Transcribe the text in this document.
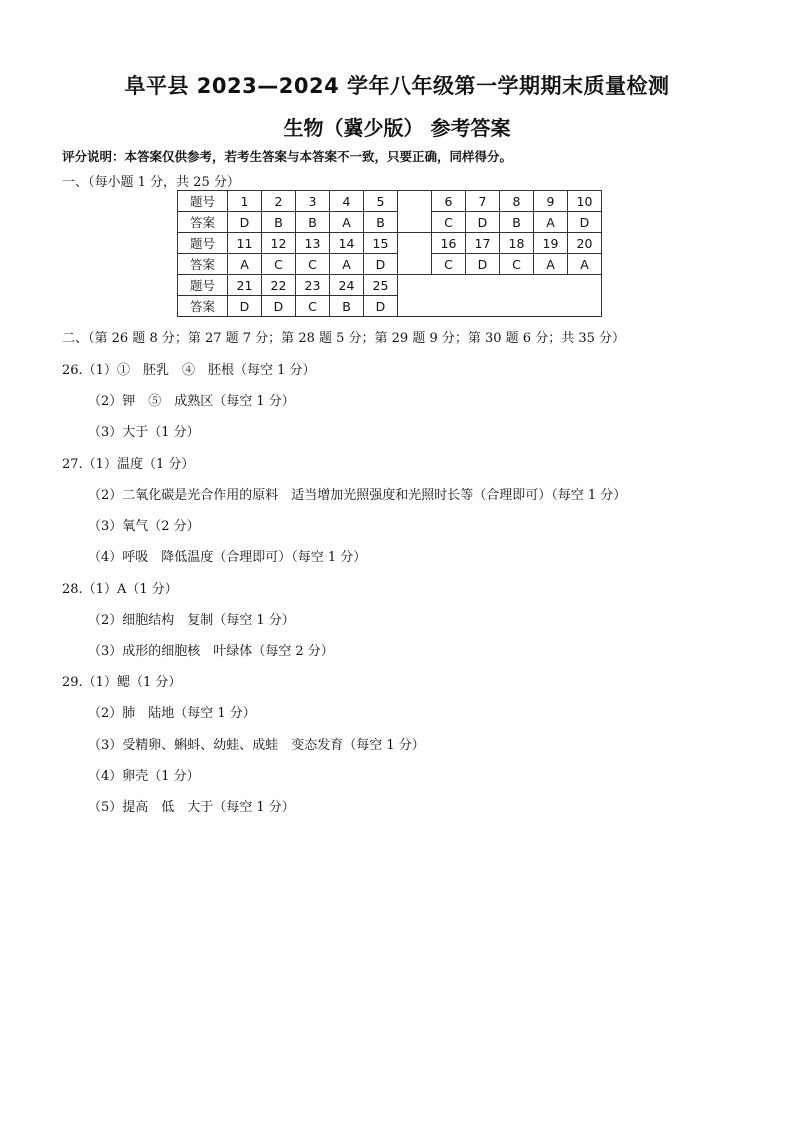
阜平县 2023—2024 学年八年级第一学期期末质量检测
生物（冀少版） 参考答案
评分说明：本答案仅供参考，若考生答案与本答案不一致，只要正确，同样得分。
一、（每小题 1 分，共 25 分）
题号	1	2	3	4	5		6	7	8	9	10
答案	D	B	B	A	B		C	D	B	A	D
题号	11	12	13	14	15		16	17	18	19	20
答案	A	C	C	A	D		C	D	C	A	A
题号	21	22	23	24	25						
答案	D	D	C	B	D						
二、（第 26 题 8 分；第 27 题 7 分；第 28 题 5 分；第 29 题 9 分；第 30 题 6 分；共 35 分）
26.（1）①　胚乳　④　胚根（每空 1 分）
（2）钾　⑤　成熟区（每空 1 分）
（3）大于（1 分）
27.（1）温度（1 分）
（2）二氧化碳是光合作用的原料　适当增加光照强度和光照时长等（合理即可）（每空 1 分）
（3）氧气（2 分）
（4）呼吸　降低温度（合理即可）（每空 1 分）
28.（1）A（1 分）
（2）细胞结构　复制（每空 1 分）
（3）成形的细胞核　叶绿体（每空 2 分）
29.（1）鳃（1 分）
（2）肺　陆地（每空 1 分）
（3）受精卵、蝌蚪、幼蛙、成蛙　变态发育（每空 1 分）
（4）卵壳（1 分）
（5）提高　低　大于（每空 1 分）
